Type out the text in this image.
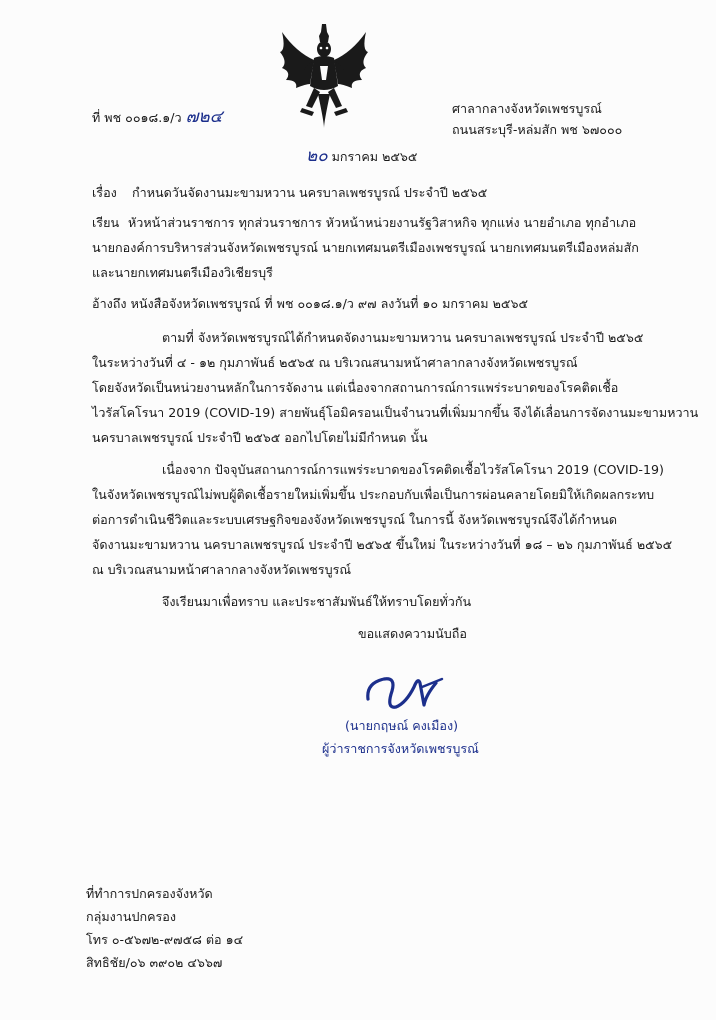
ที่ พช ๐๐๑๘.๑/ว ๗๒๔	ศาลากลางจังหวัดเพชรบูรณ์
ถนนสระบุรี-หล่มสัก พช ๖๗๐๐๐
๒๐ มกราคม ๒๕๖๕
เรื่อง กำหนดวันจัดงานมะขามหวาน นครบาลเพชรบูรณ์ ประจำปี ๒๕๖๕
เรียน หัวหน้าส่วนราชการ ทุกส่วนราชการ หัวหน้าหน่วยงานรัฐวิสาหกิจ ทุกแห่ง นายอำเภอ ทุกอำเภอ
นายกองค์การบริหารส่วนจังหวัดเพชรบูรณ์ นายกเทศมนตรีเมืองเพชรบูรณ์ นายกเทศมนตรีเมืองหล่มสัก
และนายกเทศมนตรีเมืองวิเชียรบุรี
อ้างถึง หนังสือจังหวัดเพชรบูรณ์ ที่ พช ๐๐๑๘.๑/ว ๙๗ ลงวันที่ ๑๐ มกราคม ๒๕๖๕
ตามที่ จังหวัดเพชรบูรณ์ได้กำหนดจัดงานมะขามหวาน นครบาลเพชรบูรณ์ ประจำปี ๒๕๖๕
ในระหว่างวันที่ ๔ - ๑๒ กุมภาพันธ์ ๒๕๖๕ ณ บริเวณสนามหน้าศาลากลางจังหวัดเพชรบูรณ์
โดยจังหวัดเป็นหน่วยงานหลักในการจัดงาน แต่เนื่องจากสถานการณ์การแพร่ระบาดของโรคติดเชื้อ
ไวรัสโคโรนา 2019 (COVID-19) สายพันธุ์โอมิครอนเป็นจำนวนที่เพิ่มมากขึ้น จึงได้เลื่อนการจัดงานมะขามหวาน
นครบาลเพชรบูรณ์ ประจำปี ๒๕๖๕ ออกไปโดยไม่มีกำหนด นั้น
เนื่องจาก ปัจจุบันสถานการณ์การแพร่ระบาดของโรคติดเชื้อไวรัสโคโรนา 2019 (COVID-19)
ในจังหวัดเพชรบูรณ์ไม่พบผู้ติดเชื้อรายใหม่เพิ่มขึ้น ประกอบกับเพื่อเป็นการผ่อนคลายโดยมิให้เกิดผลกระทบ
ต่อการดำเนินชีวิตและระบบเศรษฐกิจของจังหวัดเพชรบูรณ์ ในการนี้ จังหวัดเพชรบูรณ์จึงได้กำหนด
จัดงานมะขามหวาน นครบาลเพชรบูรณ์ ประจำปี ๒๕๖๕ ขึ้นใหม่ ในระหว่างวันที่ ๑๘ – ๒๖ กุมภาพันธ์ ๒๕๖๕
ณ บริเวณสนามหน้าศาลากลางจังหวัดเพชรบูรณ์
จึงเรียนมาเพื่อทราบ และประชาสัมพันธ์ให้ทราบโดยทั่วกัน
ขอแสดงความนับถือ
(นายกฤษณ์ คงเมือง)
ผู้ว่าราชการจังหวัดเพชรบูรณ์
ที่ทำการปกครองจังหวัด
กลุ่มงานปกครอง
โทร ๐-๕๖๗๒-๙๗๕๘ ต่อ ๑๔
สิทธิชัย/๐๖ ๓๙๐๒ ๔๖๖๗
